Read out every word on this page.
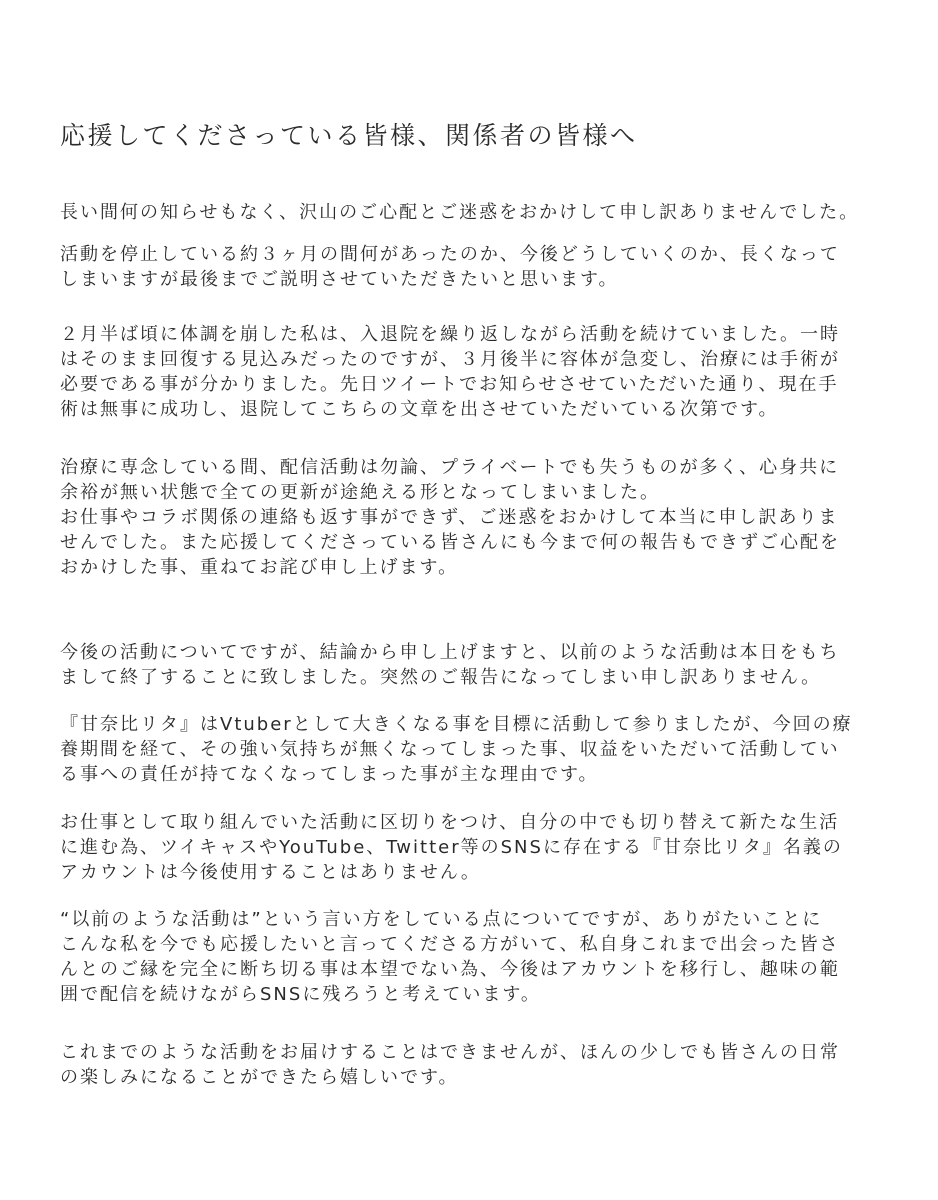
応援してくださっている皆様、関係者の皆様へ

長い間何の知らせもなく、沢山のご心配とご迷惑をおかけして申し訳ありませんでした。

活動を停止している約３ヶ月の間何があったのか、今後どうしていくのか、長くなって
しまいますが最後までご説明させていただきたいと思います。

２月半ば頃に体調を崩した私は、入退院を繰り返しながら活動を続けていました。一時
はそのまま回復する見込みだったのですが、３月後半に容体が急変し、治療には手術が
必要である事が分かりました。先日ツイートでお知らせさせていただいた通り、現在手
術は無事に成功し、退院してこちらの文章を出させていただいている次第です。

治療に専念している間、配信活動は勿論、プライベートでも失うものが多く、心身共に
余裕が無い状態で全ての更新が途絶える形となってしまいました。
お仕事やコラボ関係の連絡も返す事ができず、ご迷惑をおかけして本当に申し訳ありま
せんでした。また応援してくださっている皆さんにも今まで何の報告もできずご心配を
おかけした事、重ねてお詫び申し上げます。

今後の活動についてですが、結論から申し上げますと、以前のような活動は本日をもち
まして終了することに致しました。突然のご報告になってしまい申し訳ありません。

『甘奈比リタ』はVtuberとして大きくなる事を目標に活動して参りましたが、今回の療
養期間を経て、その強い気持ちが無くなってしまった事、収益をいただいて活動してい
る事への責任が持てなくなってしまった事が主な理由です。

お仕事として取り組んでいた活動に区切りをつけ、自分の中でも切り替えて新たな生活
に進む為、ツイキャスやYouTube、Twitter等のSNSに存在する『甘奈比リタ』名義の
アカウントは今後使用することはありません。

“以前のような活動は”という言い方をしている点についてですが、ありがたいことに
こんな私を今でも応援したいと言ってくださる方がいて、私自身これまで出会った皆さ
んとのご縁を完全に断ち切る事は本望でない為、今後はアカウントを移行し、趣味の範
囲で配信を続けながらSNSに残ろうと考えています。

これまでのような活動をお届けすることはできませんが、ほんの少しでも皆さんの日常
の楽しみになることができたら嬉しいです。
